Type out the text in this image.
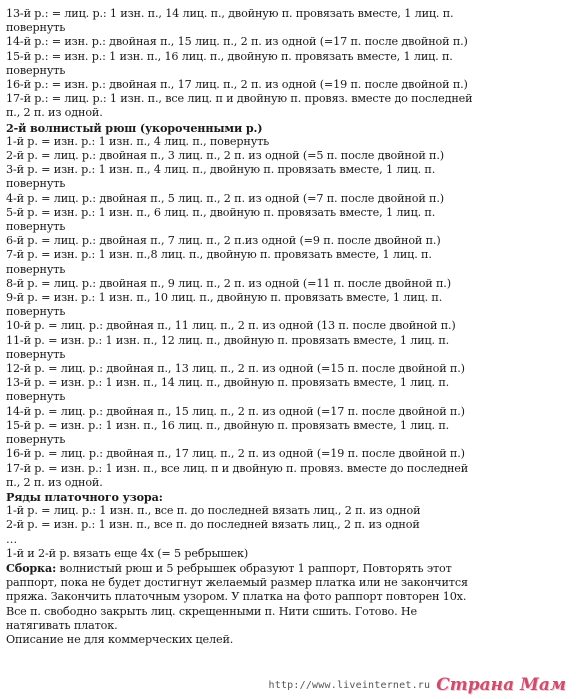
13-й р.: = лиц. р.: 1 изн. п., 14 лиц. п., двойную п. провязать вместе, 1 лиц. п.
повернуть
14-й р.: = изн. р.: двойная п., 15 лиц. п., 2 п. из одной (=17 п. после двойной п.)
15-й р.: = изн. р.: 1 изн. п., 16 лиц. п., двойную п. провязать вместе, 1 лиц. п.
повернуть
16-й р.: = изн. р.: двойная п., 17 лиц. п., 2 п. из одной (=19 п. после двойной п.)
17-й р.: = лиц. р.: 1 изн. п., все лиц. п и двойную п. провяз. вместе до последней
п., 2 п. из одной.
2-й волнистый рюш (укороченными р.)
1-й р. = изн. р.: 1 изн. п., 4 лиц. п., повернуть
2-й р. = лиц. р.: двойная п., 3 лиц. п., 2 п. из одной (=5 п. после двойной п.)
3-й р. = изн. р.: 1 изн. п., 4 лиц. п., двойную п. провязать вместе, 1 лиц. п.
повернуть
4-й р. = лиц. р.: двойная п., 5 лиц. п., 2 п. из одной (=7 п. после двойной п.)
5-й р. = изн. р.: 1 изн. п., 6 лиц. п., двойную п. провязать вместе, 1 лиц. п.
повернуть
6-й р. = лиц. р.: двойная п., 7 лиц. п., 2 п.из одной (=9 п. после двойной п.)
7-й р. = изн. р.: 1 изн. п.,8 лиц. п., двойную п. провязать вместе, 1 лиц. п.
повернуть
8-й р. = лиц. р.: двойная п., 9 лиц. п., 2 п. из одной (=11 п. после двойной п.)
9-й р. = изн. р.: 1 изн. п., 10 лиц. п., двойную п. провязать вместе, 1 лиц. п.
повернуть
10-й р. = лиц. р.: двойная п., 11 лиц. п., 2 п. из одной (13 п. после двойной п.)
11-й р. = изн. р.: 1 изн. п., 12 лиц. п., двойную п. провязать вместе, 1 лиц. п.
повернуть
12-й р. = лиц. р.: двойная п., 13 лиц. п., 2 п. из одной (=15 п. после двойной п.)
13-й р. = изн. р.: 1 изн. п., 14 лиц. п., двойную п. провязать вместе, 1 лиц. п.
повернуть
14-й р. = лиц. р.: двойная п., 15 лиц. п., 2 п. из одной (=17 п. после двойной п.)
15-й р. = изн. р.: 1 изн. п., 16 лиц. п., двойную п. провязать вместе, 1 лиц. п.
повернуть
16-й р. = лиц. р.: двойная п., 17 лиц. п., 2 п. из одной (=19 п. после двойной п.)
17-й р. = изн. р.: 1 изн. п., все лиц. п и двойную п. провяз. вместе до последней
п., 2 п. из одной.
Ряды платочного узора:
1-й р. = лиц. р.: 1 изн. п., все п. до последней вязать лиц., 2 п. из одной
2-й р. = изн. р.: 1 изн. п., все п. до последней вязать лиц., 2 п. из одной
…
1-й и 2-й р. вязать еще 4х (= 5 ребрышек)
Сборка: волнистый рюш и 5 ребрышек образуют 1 раппорт, Повторять этот
раппорт, пока не будет достигнут желаемый размер платка или не закончится
пряжа. Закончить платочным узором. У платка на фото раппорт повторен 10х.
Все п. свободно закрыть лиц. скрещенными п. Нити сшить. Готово. Не
натягивать платок.
Описание не для коммерческих целей.
http://www.liveinternet.ru Страна Мам
